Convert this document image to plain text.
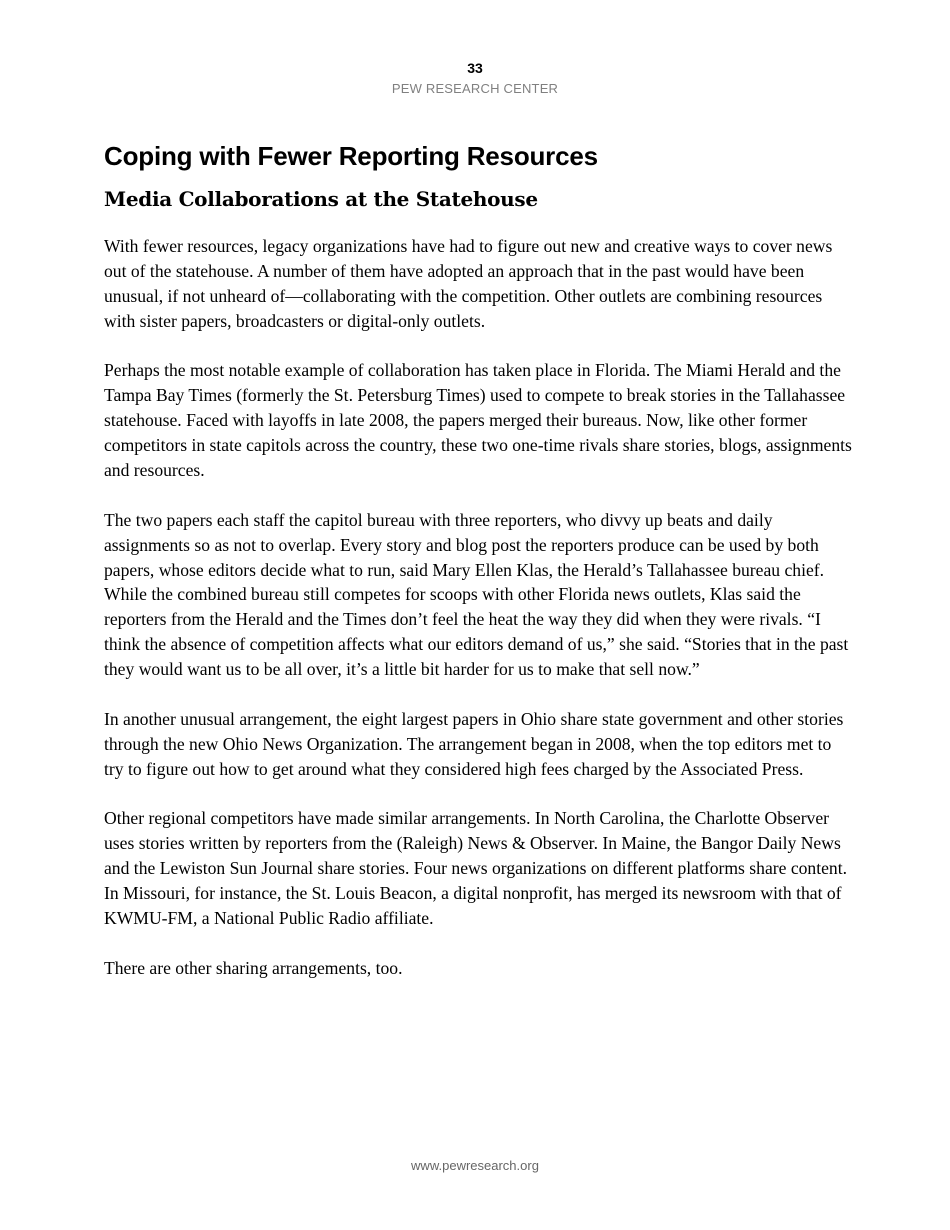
33
PEW RESEARCH CENTER
Coping with Fewer Reporting Resources
Media Collaborations at the Statehouse

With fewer resources, legacy organizations have had to figure out new and creative ways to cover news out of the statehouse. A number of them have adopted an approach that in the past would have been unusual, if not unheard of—collaborating with the competition. Other outlets are combining resources with sister papers, broadcasters or digital-only outlets.

Perhaps the most notable example of collaboration has taken place in Florida. The Miami Herald and the Tampa Bay Times (formerly the St. Petersburg Times) used to compete to break stories in the Tallahassee statehouse. Faced with layoffs in late 2008, the papers merged their bureaus. Now, like other former competitors in state capitols across the country, these two one-time rivals share stories, blogs, assignments and resources.

The two papers each staff the capitol bureau with three reporters, who divvy up beats and daily assignments so as not to overlap. Every story and blog post the reporters produce can be used by both papers, whose editors decide what to run, said Mary Ellen Klas, the Herald’s Tallahassee bureau chief. While the combined bureau still competes for scoops with other Florida news outlets, Klas said the reporters from the Herald and the Times don’t feel the heat the way they did when they were rivals. “I think the absence of competition affects what our editors demand of us,” she said. “Stories that in the past they would want us to be all over, it’s a little bit harder for us to make that sell now.”

In another unusual arrangement, the eight largest papers in Ohio share state government and other stories through the new Ohio News Organization. The arrangement began in 2008, when the top editors met to try to figure out how to get around what they considered high fees charged by the Associated Press.

Other regional competitors have made similar arrangements. In North Carolina, the Charlotte Observer uses stories written by reporters from the (Raleigh) News & Observer. In Maine, the Bangor Daily News and the Lewiston Sun Journal share stories. Four news organizations on different platforms share content. In Missouri, for instance, the St. Louis Beacon, a digital nonprofit, has merged its newsroom with that of KWMU-FM, a National Public Radio affiliate.

There are other sharing arrangements, too.

www.pewresearch.org
